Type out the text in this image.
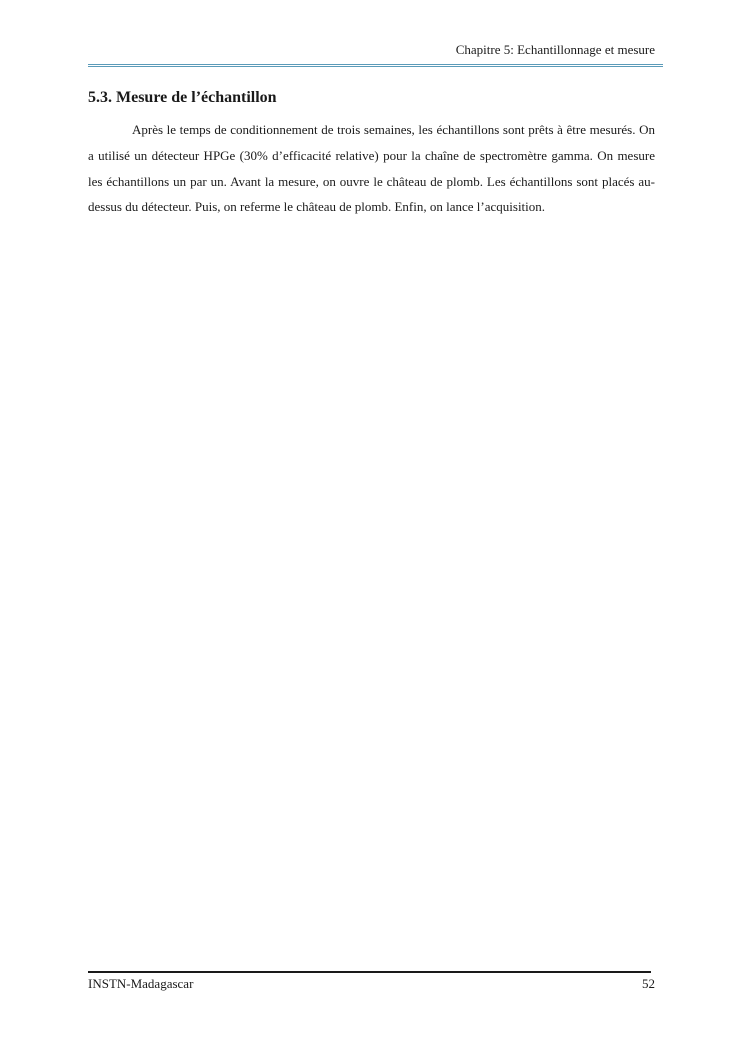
Chapitre 5: Echantillonnage et mesure
5.3. Mesure de l’échantillon

Après le temps de conditionnement de trois semaines, les échantillons sont prêts à être mesurés. On a utilisé un détecteur HPGe (30% d’efficacité relative) pour la chaîne de spectromètre gamma. On mesure les échantillons un par un. Avant la mesure, on ouvre le château de plomb. Les échantillons sont placés au-dessus du détecteur. Puis, on referme le château de plomb. Enfin, on lance l’acquisition.

INSTN-Madagascar	52
